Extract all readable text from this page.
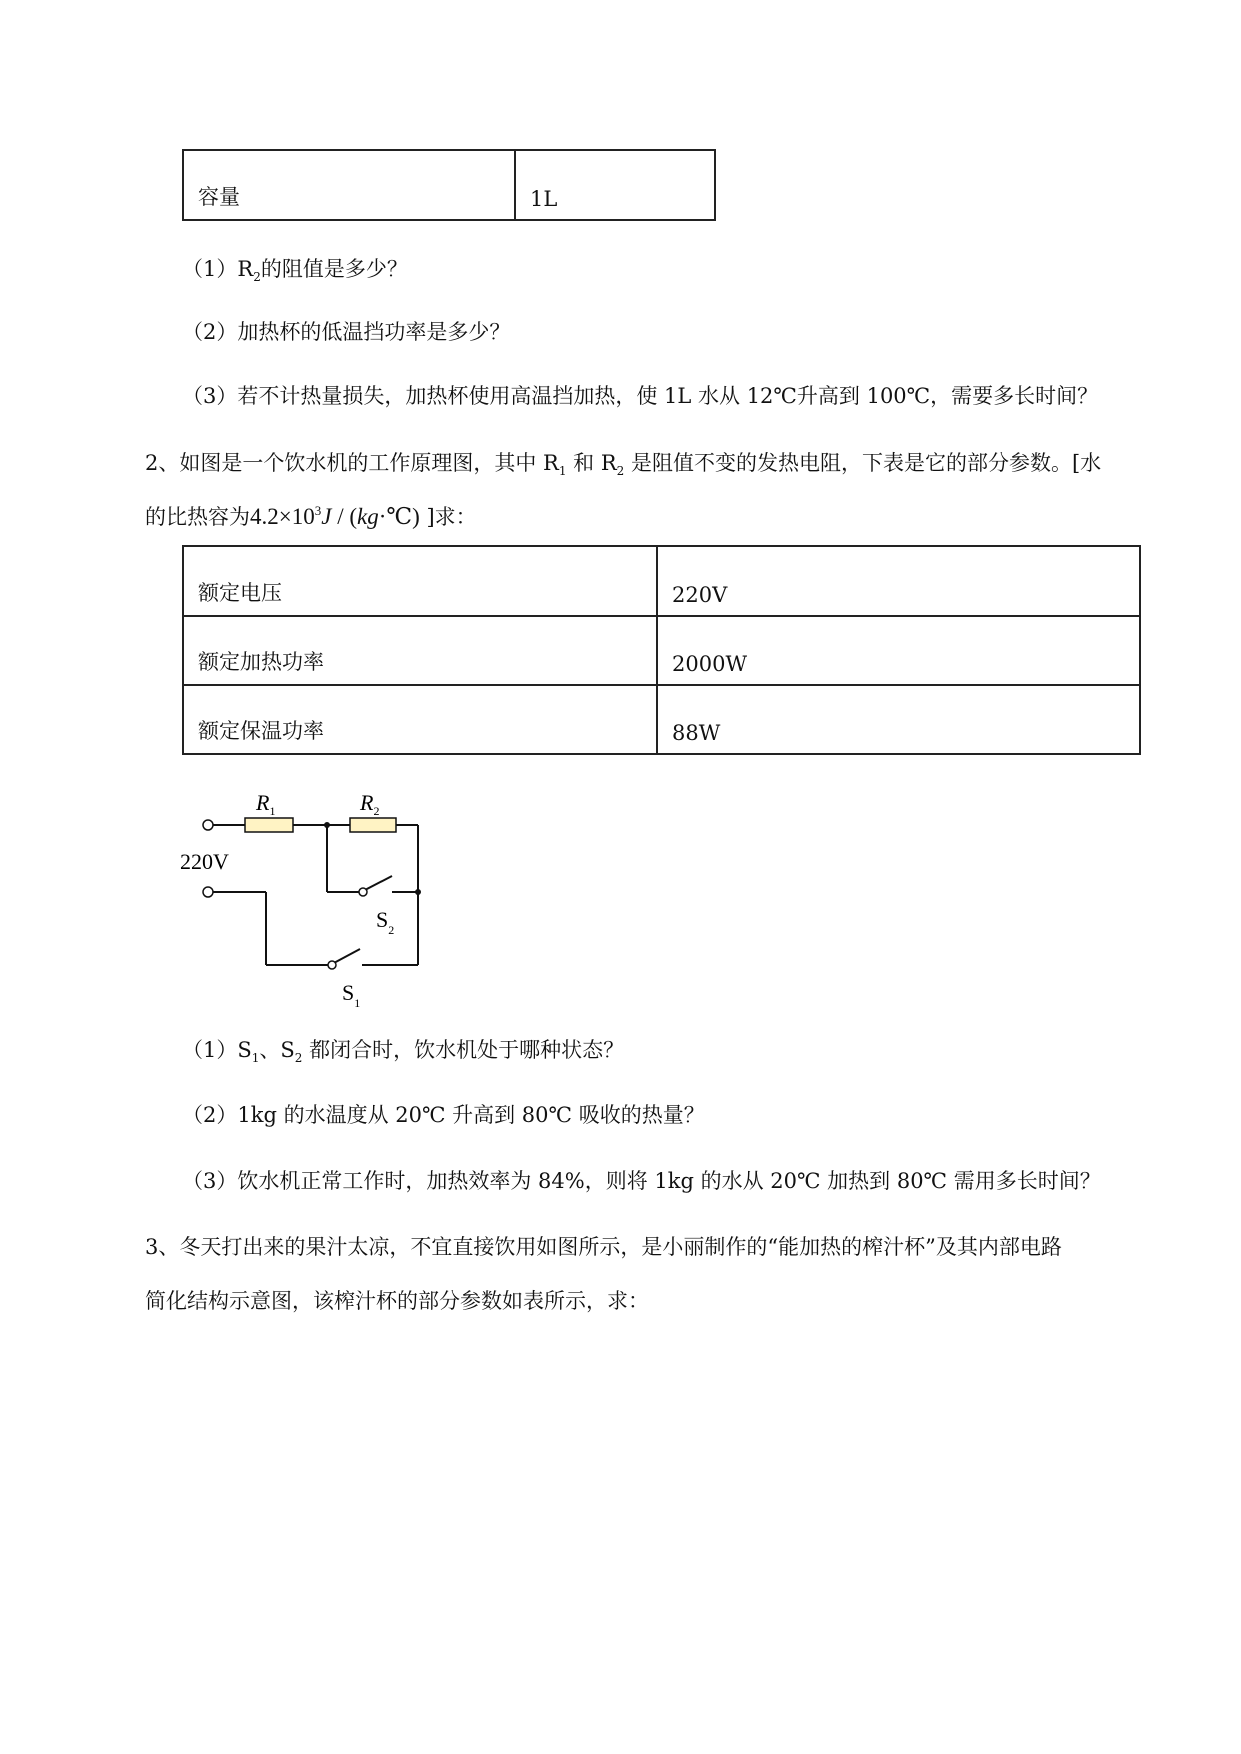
容量	1L
$(1)R_2$的阻值是多少？
（2）加热杯的低温挡功率是多少？
（3）若不计热量损失，加热杯使用高温挡加热，使 1L 水从 12℃升高到 100℃，需要多长时间？
2、如图是一个饮水机的工作原理图，其中 $R_1$ 和 $R_2$ 是阻值不变的发热电阻，下表是它的部分参数。[水
的比热容为$4.2\times 10^3J$ / (kg·℃) ]求：
额定电压	220V
额定加热功率	2000W
额定保温功率	88W
$R_1$	$R_2$
220V
$S_2$
$S_1$
$(1)S_1$、$S_2$ 都闭合时，饮水机处于哪种状态？
（2）1kg 的水温度从 20℃ 升高到 80℃ 吸收的热量？
（3）饮水机正常工作时，加热效率为 84%，则将 1kg 的水从 20℃ 加热到 80℃ 需用多长时间？
3、冬天打出来的果汁太凉，不宜直接饮用如图所示，是小丽制作的“能加热的榨汁杯”及其内部电路
简化结构示意图，该榨汁杯的部分参数如表所示，求：
